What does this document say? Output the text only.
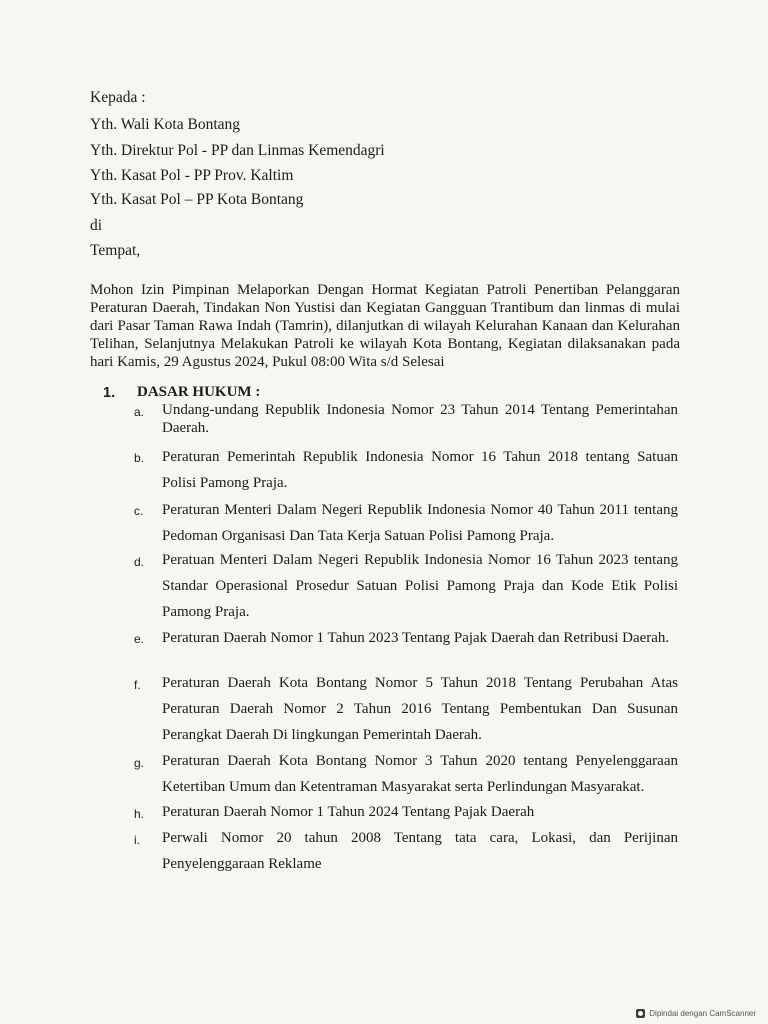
Kepada :
Yth. Wali Kota Bontang
Yth. Direktur Pol - PP dan Linmas Kemendagri
Yth. Kasat Pol - PP Prov. Kaltim
Yth. Kasat Pol – PP Kota Bontang
di
Tempat,

Mohon Izin Pimpinan Melaporkan Dengan Hormat Kegiatan Patroli Penertiban Pelanggaran Peraturan Daerah, Tindakan Non Yustisi dan Kegiatan Gangguan Trantibum dan linmas di mulai dari Pasar Taman Rawa Indah (Tamrin), dilanjutkan di wilayah Kelurahan Kanaan dan Kelurahan Telihan, Selanjutnya Melakukan Patroli ke wilayah Kota Bontang, Kegiatan dilaksanakan pada hari Kamis, 29 Agustus 2024, Pukul 08:00 Wita s/d Selesai

1. DASAR HUKUM :
a. Undang-undang Republik Indonesia Nomor 23 Tahun 2014 Tentang Pemerintahan Daerah.

b. Peraturan Pemerintah Republik Indonesia Nomor 16 Tahun 2018 tentang Satuan Polisi Pamong Praja.

c. Peraturan Menteri Dalam Negeri Republik Indonesia Nomor 40 Tahun 2011 tentang Pedoman Organisasi Dan Tata Kerja Satuan Polisi Pamong Praja.

d. Peratuan Menteri Dalam Negeri Republik Indonesia Nomor 16 Tahun 2023 tentang Standar Operasional Prosedur Satuan Polisi Pamong Praja dan Kode Etik Polisi Pamong Praja.

e. Peraturan Daerah Nomor 1 Tahun 2023 Tentang Pajak Daerah dan Retribusi Daerah.

f. Peraturan Daerah Kota Bontang Nomor 5 Tahun 2018 Tentang Perubahan Atas Peraturan Daerah Nomor 2 Tahun 2016 Tentang Pembentukan Dan Susunan Perangkat Daerah Di lingkungan Pemerintah Daerah.

g. Peraturan Daerah Kota Bontang Nomor 3 Tahun 2020 tentang Penyelenggaraan Ketertiban Umum dan Ketentraman Masyarakat serta Perlindungan Masyarakat.

h. Peraturan Daerah Nomor 1 Tahun 2024 Tentang Pajak Daerah

i. Perwali Nomor 20 tahun 2008 Tentang tata cara, Lokasi, dan Perijinan Penyelenggaraan Reklame

Dipindai dengan CamScanner
